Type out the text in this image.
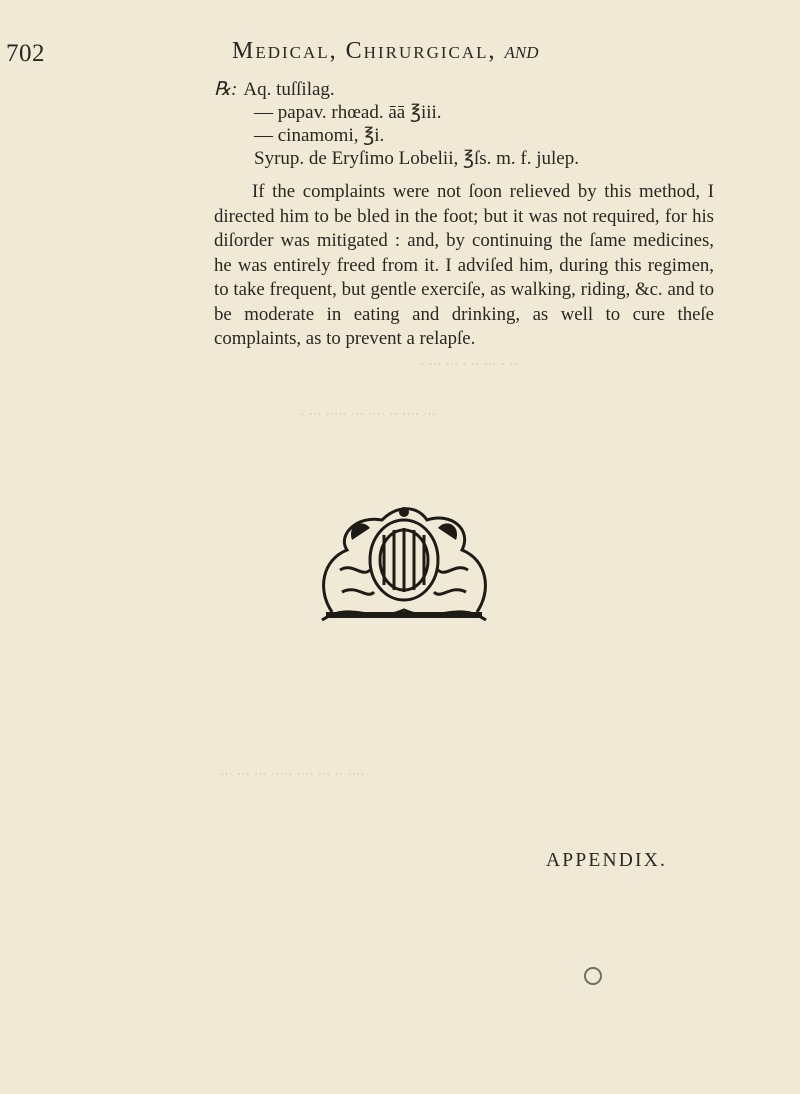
.. . ... .. . ... ... .
... .... .. .... ... ..... ... .
.... .. ... .... ..... ... ... ...
702	Medical, Chirurgical, and
℞: Aq. tuſſilag.
— papav. rhœad. āā ℥iii.
— cinamomi, ℥i.
Syrup. de Eryſimo Lobelii, ℥ſs. m. f. julep.
If the complaints were not ſoon relieved by this method, I directed him to be bled in the foot; but it was not required, for his diſorder was mitigated : and, by continuing the ſame medicines, he was entirely freed from it. I adviſed him, during this regimen, to take frequent, but gentle exerciſe, as walking, riding, &c. and to be moderate in eating and drinking, as well to cure theſe complaints, as to prevent a relapſe.
APPENDIX.
